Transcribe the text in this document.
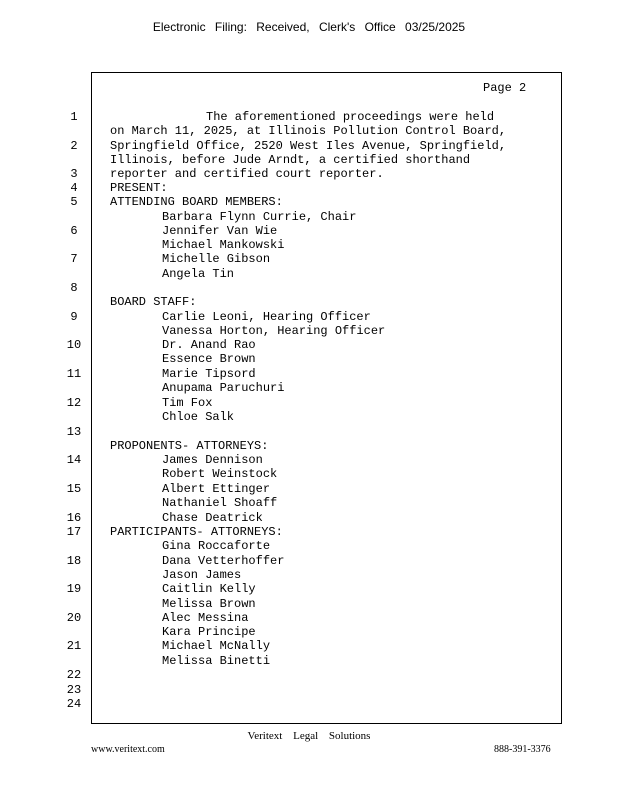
Electronic Filing: Received, Clerk's Office 03/25/2025
Page 2
1	The aforementioned proceedings were held
on March 11, 2025, at Illinois Pollution Control Board,
2	Springfield Office, 2520 West Iles Avenue, Springfield,
Illinois, before Jude Arndt, a certified shorthand
3	reporter and certified court reporter.
4	PRESENT:
5	ATTENDING BOARD MEMBERS:
Barbara Flynn Currie, Chair
6	Jennifer Van Wie
Michael Mankowski
7	Michelle Gibson
Angela Tin
8
BOARD STAFF:
9	Carlie Leoni, Hearing Officer
Vanessa Horton, Hearing Officer
10	Dr. Anand Rao
Essence Brown
11	Marie Tipsord
Anupama Paruchuri
12	Tim Fox
Chloe Salk
13
PROPONENTS- ATTORNEYS:
14	James Dennison
Robert Weinstock
15	Albert Ettinger
Nathaniel Shoaff
16	Chase Deatrick
17 PARTICIPANTS- ATTORNEYS:
Gina Roccaforte
18	Dana Vetterhoffer
Jason James
19	Caitlin Kelly
Melissa Brown
20	Alec Messina
Kara Principe
21	Michael McNally
Melissa Binetti
22
23
24
Veritext Legal Solutions
www.veritext.com	888-391-3376
